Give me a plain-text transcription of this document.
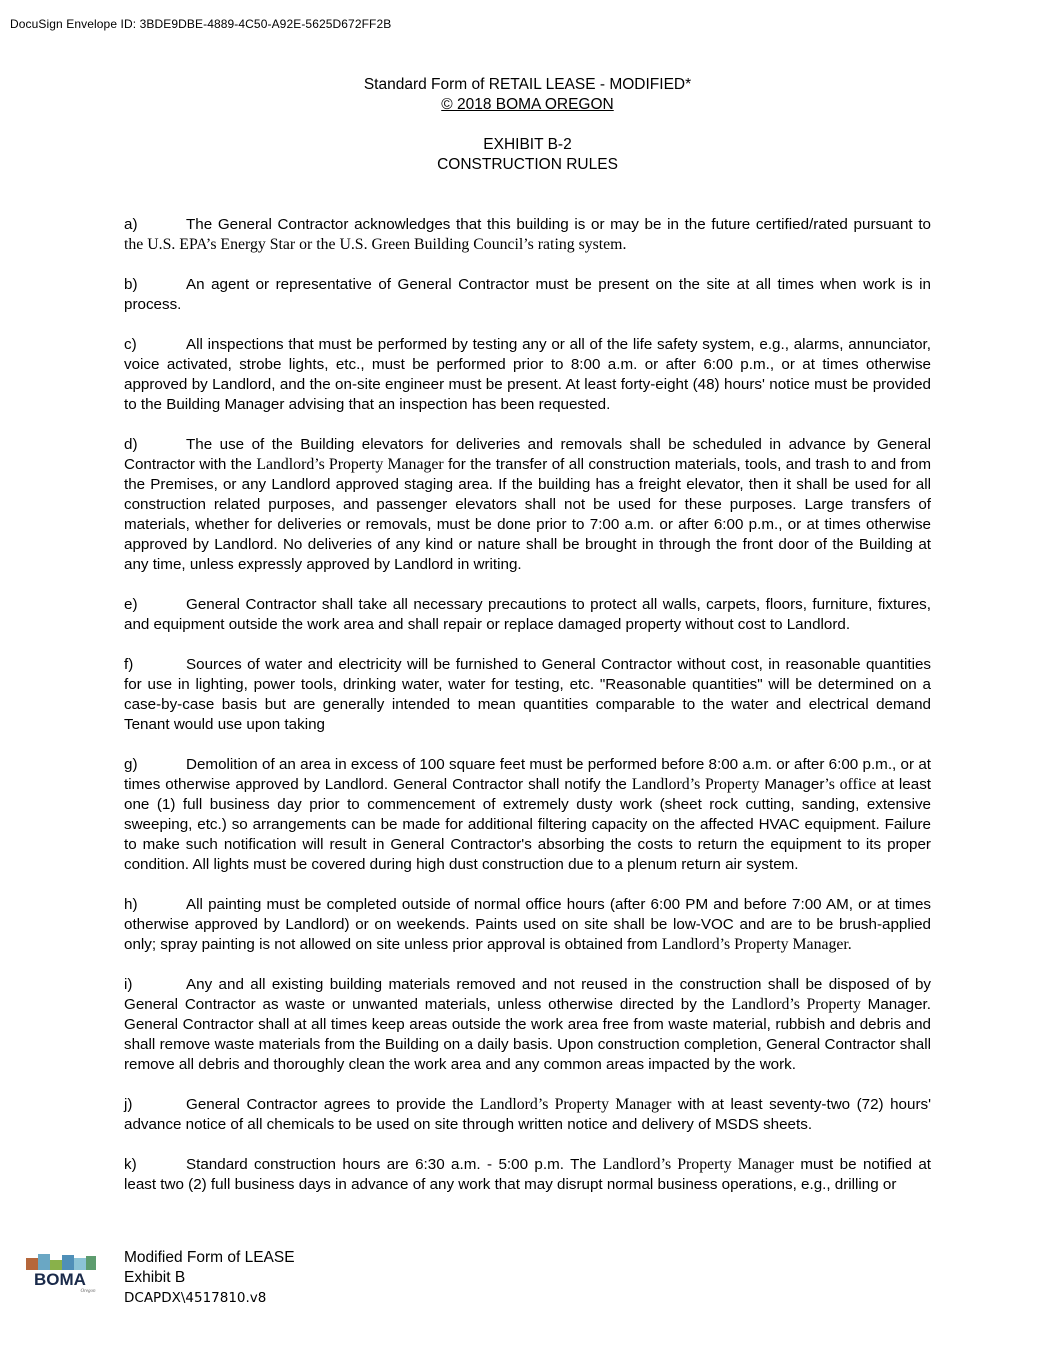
DocuSign Envelope ID: 3BDE9DBE-4889-4C50-A92E-5625D672FF2B
Standard Form of RETAIL LEASE - MODIFIED*
© 2018 BOMA OREGON
EXHIBIT B-2
CONSTRUCTION RULES

a)	The General Contractor acknowledges that this building is or may be in the future certified/rated pursuant to the U.S. EPA’s Energy Star or the U.S. Green Building Council’s rating system.

b)	An agent or representative of General Contractor must be present on the site at all times when work is in process.

c)	All inspections that must be performed by testing any or all of the life safety system, e.g., alarms, annunciator, voice activated, strobe lights, etc., must be performed prior to 8:00 a.m. or after 6:00 p.m., or at times otherwise approved by Landlord, and the on-site engineer must be present. At least forty-eight (48) hours' notice must be provided to the Building Manager advising that an inspection has been requested.

d)	The use of the Building elevators for deliveries and removals shall be scheduled in advance by General Contractor with the Landlord’s Property Manager for the transfer of all construction materials, tools, and trash to and from the Premises, or any Landlord approved staging area. If the building has a freight elevator, then it shall be used for all construction related purposes, and passenger elevators shall not be used for these purposes. Large transfers of materials, whether for deliveries or removals, must be done prior to 7:00 a.m. or after 6:00 p.m., or at times otherwise approved by Landlord. No deliveries of any kind or nature shall be brought in through the front door of the Building at any time, unless expressly approved by Landlord in writing.

e)	General Contractor shall take all necessary precautions to protect all walls, carpets, floors, furniture, fixtures, and equipment outside the work area and shall repair or replace damaged property without cost to Landlord.

f)	Sources of water and electricity will be furnished to General Contractor without cost, in reasonable quantities for use in lighting, power tools, drinking water, water for testing, etc. "Reasonable quantities" will be determined on a case-by-case basis but are generally intended to mean quantities comparable to the water and electrical demand Tenant would use upon taking

g)	Demolition of an area in excess of 100 square feet must be performed before 8:00 a.m. or after 6:00 p.m., or at times otherwise approved by Landlord. General Contractor shall notify the Landlord’s Property Manager’s office at least one (1) full business day prior to commencement of extremely dusty work (sheet rock cutting, sanding, extensive sweeping, etc.) so arrangements can be made for additional filtering capacity on the affected HVAC equipment. Failure to make such notification will result in General Contractor's absorbing the costs to return the equipment to its proper condition. All lights must be covered during high dust construction due to a plenum return air system.

h)	All painting must be completed outside of normal office hours (after 6:00 PM and before 7:00 AM, or at times otherwise approved by Landlord) or on weekends. Paints used on site shall be low-VOC and are to be brush-applied only; spray painting is not allowed on site unless prior approval is obtained from Landlord’s Property Manager.

i)	Any and all existing building materials removed and not reused in the construction shall be disposed of by General Contractor as waste or unwanted materials, unless otherwise directed by the Landlord’s Property Manager. General Contractor shall at all times keep areas outside the work area free from waste material, rubbish and debris and shall remove waste materials from the Building on a daily basis. Upon construction completion, General Contractor shall remove all debris and thoroughly clean the work area and any common areas impacted by the work.

j)	General Contractor agrees to provide the Landlord’s Property Manager with at least seventy-two (72) hours' advance notice of all chemicals to be used on site through written notice and delivery of MSDS sheets.

k)	Standard construction hours are 6:30 a.m. - 5:00 p.m. The Landlord’s Property Manager must be notified at least two (2) full business days in advance of any work that may disrupt normal business operations, e.g., drilling or

BOMA
Oregon
Modified Form of LEASE
Exhibit B
DCAPDX\4517810.v8
